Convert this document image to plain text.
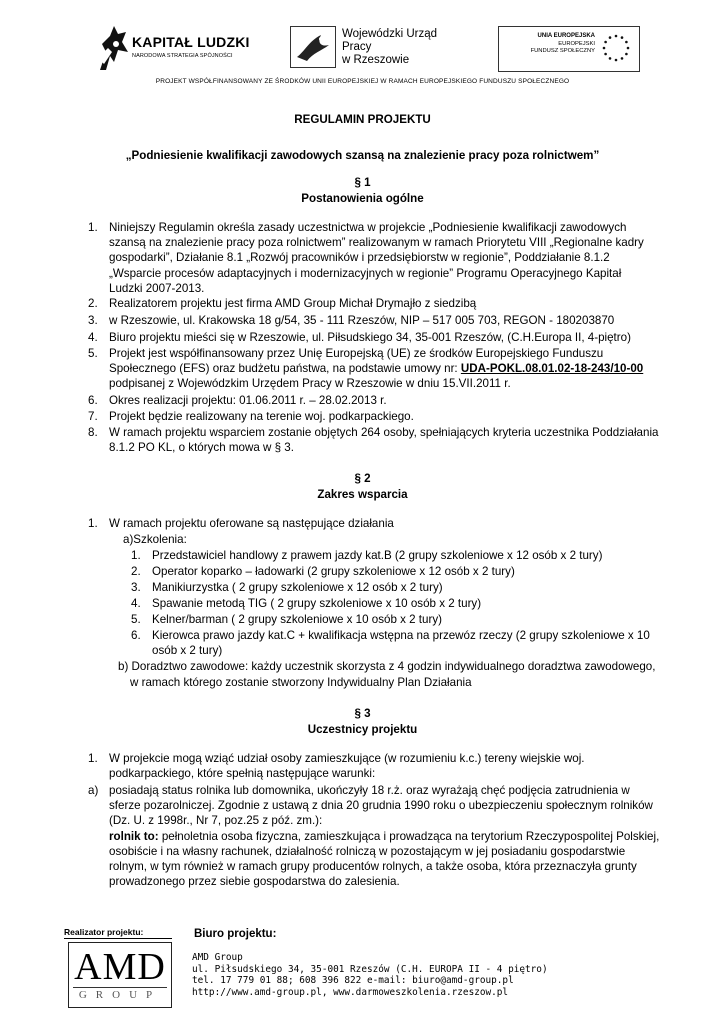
KAPITAŁ LUDZKI
NARODOWA STRATEGIA SPÓJNOŚCI
Wojewódzki Urząd Pracy
w Rzeszowie
UNIA EUROPEJSKA
EUROPEJSKI
FUNDUSZ SPOŁECZNY
PROJEKT WSPÓŁFINANSOWANY ZE ŚRODKÓW UNII EUROPEJSKIEJ W RAMACH EUROPEJSKIEGO FUNDUSZU SPOŁECZNEGO
REGULAMIN PROJEKTU
„Podniesienie kwalifikacji zawodowych szansą na znalezienie pracy poza rolnictwem”
§ 1
Postanowienia ogólne
1. Niniejszy Regulamin określa zasady uczestnictwa w projekcie „Podniesienie kwalifikacji zawodowych
szansą na znalezienie pracy poza rolnictwem” realizowanym w ramach Priorytetu VIII „Regionalne kadry
gospodarki”, Działanie 8.1 „Rozwój pracowników i przedsiębiorstw w regionie”, Poddziałanie 8.1.2
„Wsparcie procesów adaptacyjnych i modernizacyjnych w regionie” Programu Operacyjnego Kapitał
Ludzki 2007-2013.
2. Realizatorem projektu jest firma AMD Group Michał Drymajło z siedzibą
3. w Rzeszowie, ul. Krakowska 18 g/54, 35 - 111 Rzeszów, NIP – 517 005 703, REGON - 180203870
4. Biuro projektu mieści się w Rzeszowie, ul. Piłsudskiego 34, 35-001 Rzeszów, (C.H.Europa II, 4-piętro)
5. Projekt jest współfinansowany przez Unię Europejską (UE) ze środków Europejskiego Funduszu
Społecznego (EFS) oraz budżetu państwa, na podstawie umowy nr: UDA-POKL.08.01.02-18-243/10-00
podpisanej z Wojewódzkim Urzędem Pracy w Rzeszowie w dniu 15.VII.2011 r.
6. Okres realizacji projektu: 01.06.2011 r. – 28.02.2013 r.
7. Projekt będzie realizowany na terenie woj. podkarpackiego.
8. W ramach projektu wsparciem zostanie objętych 264 osoby, spełniających kryteria uczestnika Poddziałania
8.1.2 PO KL, o których mowa w § 3.
§ 2
Zakres wsparcia
1. W ramach projektu oferowane są następujące działania
a)Szkolenia:
1. Przedstawiciel handlowy z prawem jazdy kat.B (2 grupy szkoleniowe x 12 osób x 2 tury)
2. Operator koparko – ładowarki (2 grupy szkoleniowe x 12 osób x 2 tury)
3. Manikiurzystka ( 2 grupy szkoleniowe x 12 osób x 2 tury)
4. Spawanie metodą TIG ( 2 grupy szkoleniowe x 10 osób x 2 tury)
5. Kelner/barman ( 2 grupy szkoleniowe x 10 osób x 2 tury)
6. Kierowca prawo jazdy kat.C + kwalifikacja wstępna na przewóz rzeczy (2 grupy szkoleniowe x 10
osób x 2 tury)
b) Doradztwo zawodowe: każdy uczestnik skorzysta z 4 godzin indywidualnego doradztwa zawodowego,
w ramach którego zostanie stworzony Indywidualny Plan Działania
§ 3
Uczestnicy projektu
1. W projekcie mogą wziąć udział osoby zamieszkujące (w rozumieniu k.c.) tereny wiejskie woj.
podkarpackiego, które spełnią następujące warunki:
a) posiadają status rolnika lub domownika, ukończyły 18 r.ż. oraz wyrażają chęć podjęcia zatrudnienia w
sferze pozarolniczej. Zgodnie z ustawą z dnia 20 grudnia 1990 roku o ubezpieczeniu społecznym rolników
(Dz. U. z 1998r., Nr 7, poz.25 z póź. zm.):
rolnik to: pełnoletnia osoba fizyczna, zamieszkująca i prowadząca na terytorium Rzeczypospolitej Polskiej,
osobiście i na własny rachunek, działalność rolniczą w pozostającym w jej posiadaniu gospodarstwie
rolnym, w tym również w ramach grupy producentów rolnych, a także osoba, która przeznaczyła grunty
prowadzonego przez siebie gospodarstwa do zalesienia.
Realizator projektu:
AMD
GROUP
Biuro projektu:
AMD Group
ul. Piłsudskiego 34, 35-001 Rzeszów (C.H. EUROPA II - 4 piętro)
tel. 17 779 01 88; 608 396 822 e-mail: biuro@amd-group.pl
http://www.amd-group.pl, www.darmoweszkolenia.rzeszow.pl
